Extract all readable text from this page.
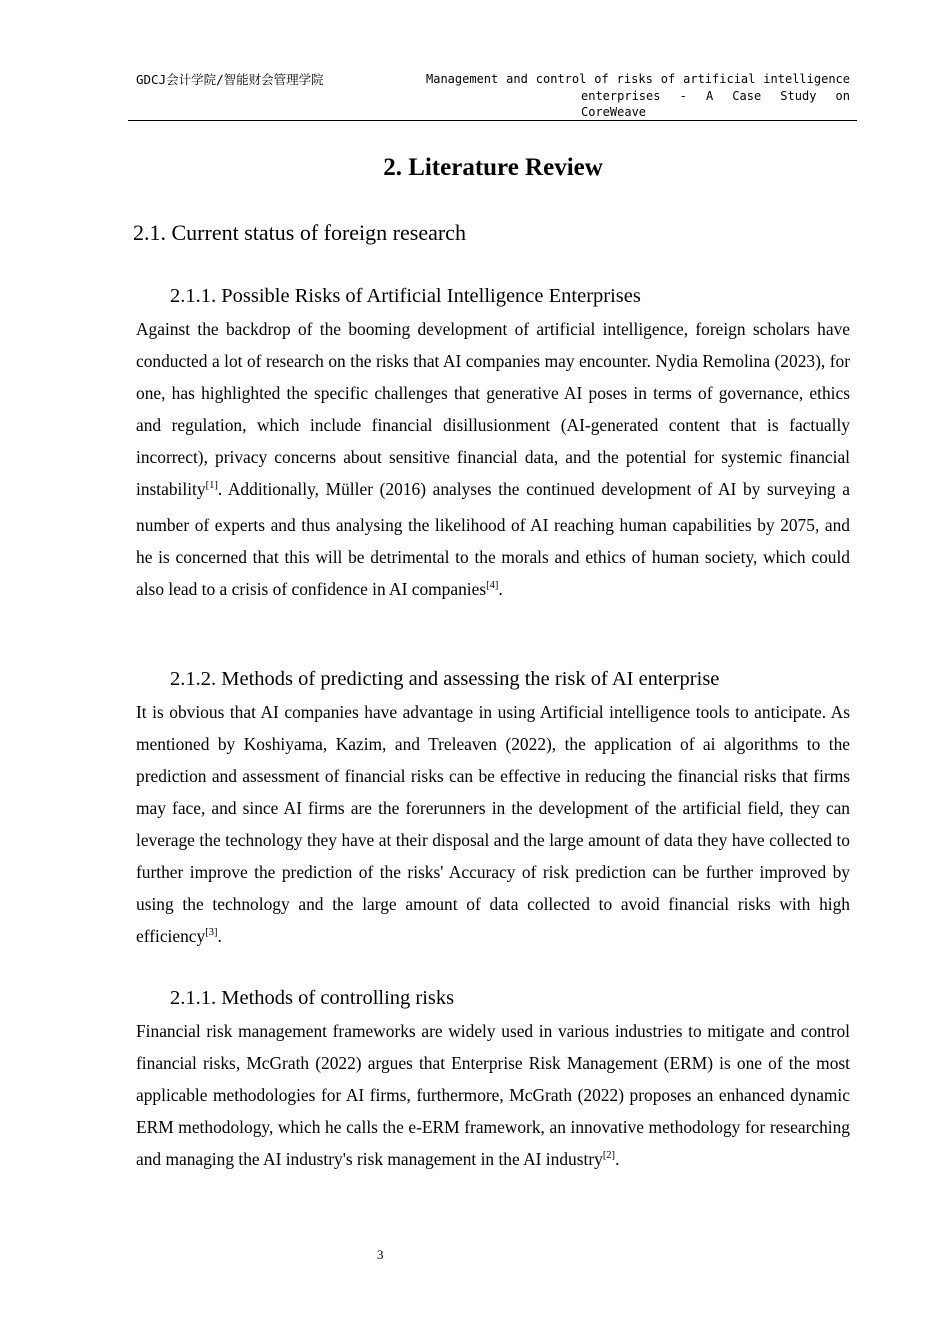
GDCJ会计学院/智能财会管理学院	Management and control of risks of artificial intelligence
enterprises - A Case Study on
CoreWeave
2. Literature Review
2.1. Current status of foreign research
2.1.1. Possible Risks of Artificial Intelligence Enterprises

Against the backdrop of the booming development of artificial intelligence, foreign scholars have conducted a lot of research on the risks that AI companies may encounter. Nydia Remolina (2023), for one, has highlighted the specific challenges that generative AI poses in terms of governance, ethics and regulation, which include financial disillusionment (AI-generated content that is factually incorrect), privacy concerns about sensitive financial data, and the potential for systemic financial instability[1]. Additionally, Müller (2016) analyses the continued development of AI by surveying a number of experts and thus analysing the likelihood of AI reaching human capabilities by 2075, and he is concerned that this will be detrimental to the morals and ethics of human society, which could also lead to a crisis of confidence in AI companies[4].

2.1.2. Methods of predicting and assessing the risk of AI enterprise

It is obvious that AI companies have advantage in using Artificial intelligence tools to anticipate. As mentioned by Koshiyama, Kazim, and Treleaven (2022), the application of ai algorithms to the prediction and assessment of financial risks can be effective in reducing the financial risks that firms may face, and since AI firms are the forerunners in the development of the artificial field, they can leverage the technology they have at their disposal and the large amount of data they have collected to further improve the prediction of the risks' Accuracy of risk prediction can be further improved by using the technology and the large amount of data collected to avoid financial risks with high efficiency[3].

2.1.1. Methods of controlling risks

Financial risk management frameworks are widely used in various industries to mitigate and control financial risks, McGrath (2022) argues that Enterprise Risk Management (ERM) is one of the most applicable methodologies for AI firms, furthermore, McGrath (2022) proposes an enhanced dynamic ERM methodology, which he calls the e-ERM framework, an innovative methodology for researching and managing the AI industry's risk management in the AI industry[2].

3
